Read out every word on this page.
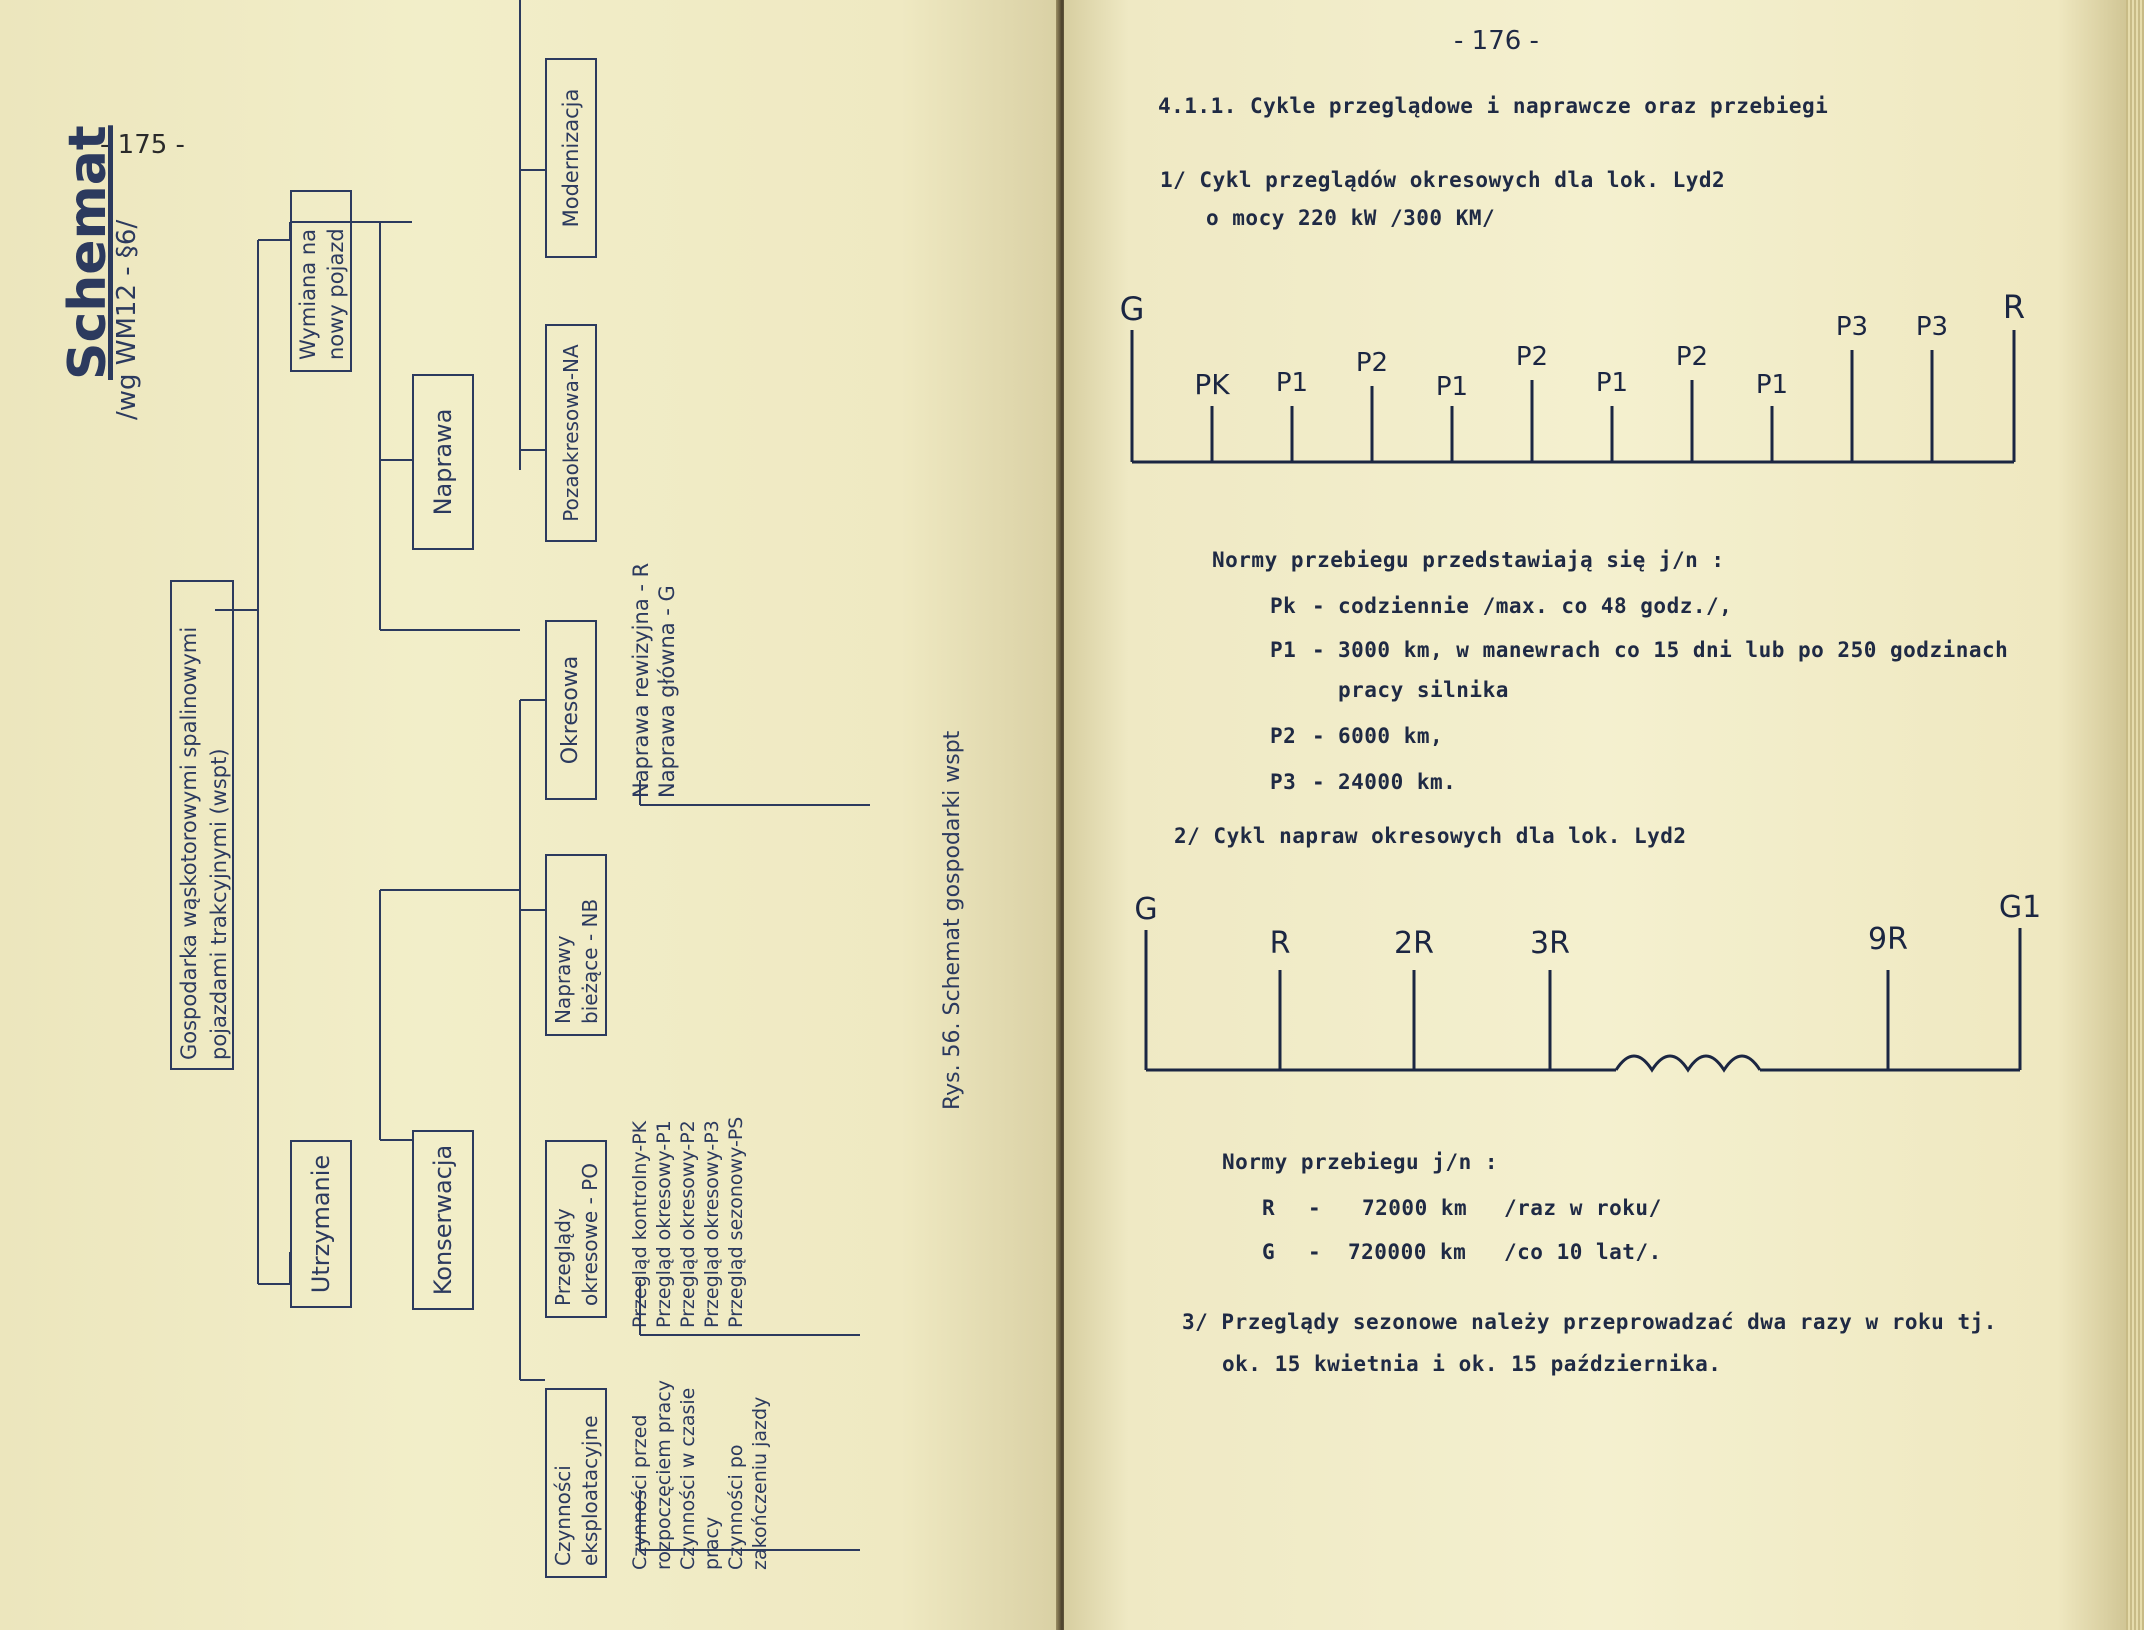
- 175 -
Schemat
/wg WM12 - §6/
Gospodarka wąskotorowymi spalinowymi pojazdami trakcyjnymi (wspt)
Wymiana na nowy pojazd
Utrzymanie
Naprawa
Konserwacja
Modernizacja
Pozaokresowa-NA
Okresowa
Naprawy bieżące - NB
Przeglądy okresowe - PO
Czynności eksploatacyjne Czynności przed rozpoczęciem pracy Czynności w czasie pracy Czynności po zakończeniu jazdy
Przegląd kontrolny-PK Przegląd okresowy-P1 Przegląd okresowy-P2 Przegląd okresowy-P3 Przegląd sezonowy-PS
Naprawa rewizyjna - R Naprawa główna - G
Rys. 56. Schemat gospodarki wspt
- 176 -
4.1.1. Cykle przeglądowe i naprawcze oraz przebiegi
1/ Cykl przeglądów okresowych dla lok. Lyd2
o mocy 220 kW /300 KM/
G
PK P1
P2
P1
P2
P1
P2
P1
P3 P3
R
Normy przebiegu przedstawiają się j/n :
Pk - codziennie /max. co 48 godz./,
P1 - 3000 km, w manewrach co 15 dni lub po 250 godzinach
pracy silnika
P2 - 6000 km,
P3 - 24000 km.
2/ Cykl napraw okresowych dla lok. Lyd2
G
R	2R	3R	9R
G1
Normy przebiegu j/n :
R - 72000 km /raz w roku/
G - 720000 km /co 10 lat/.
3/ Przeglądy sezonowe należy przeprowadzać dwa razy w roku tj.
ok. 15 kwietnia i ok. 15 października.
